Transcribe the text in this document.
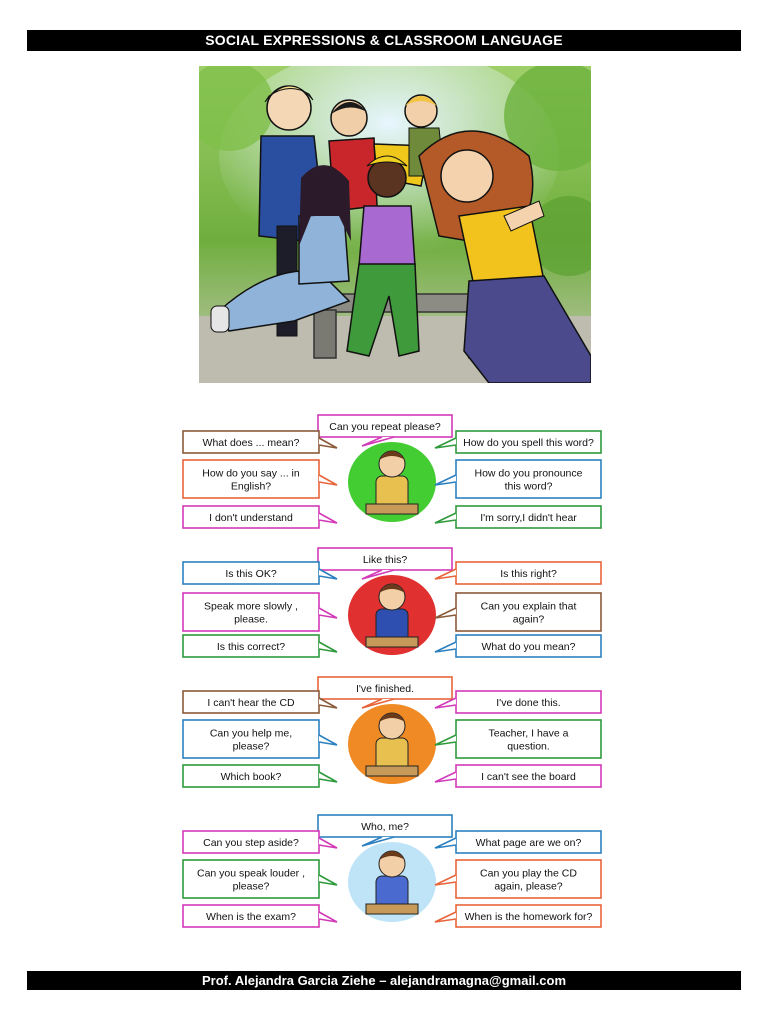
SOCIAL EXPRESSIONS & CLASSROOM LANGUAGE
Can you repeat please?
What does ... mean?
How do you say ... in English?
I don't understand
How do you spell this word?
How do you pronounce this word?
I'm sorry,I didn't hear
Like this?
Is this OK?
Speak more slowly , please.
Is this correct?
Is this right?
Can you explain that again?
What do you mean?
I've finished.
I can't hear the CD
Can you help me, please?
Which book?
I've done this.
Teacher, I have a question.
I can't see the board
Who, me?
Can you step aside?
Can you speak louder , please?
When is the exam?
What page are we on?
Can you play the CD again, please?
When is the homework for?
Prof. Alejandra Garcia Ziehe – alejandramagna@gmail.com
